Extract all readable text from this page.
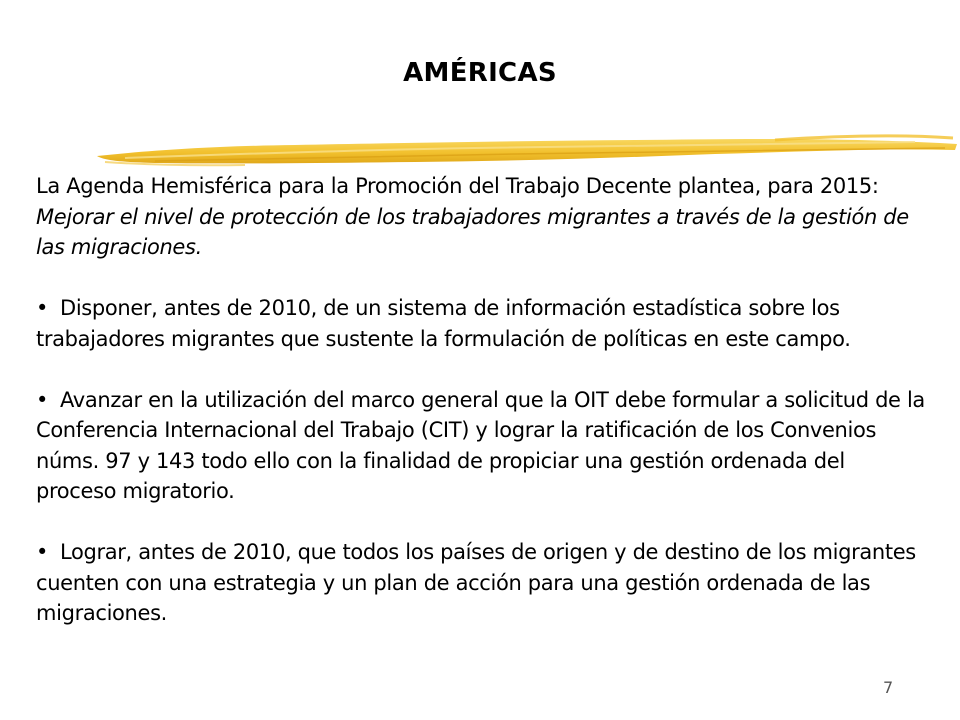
AMÉRICAS

La Agenda Hemisférica para la Promoción del Trabajo Decente plantea, para 2015: Mejorar el nivel de protección de los trabajadores migrantes a través de la gestión de las migraciones.

• Disponer, antes de 2010, de un sistema de información estadística sobre los trabajadores migrantes que sustente la formulación de políticas en este campo.

• Avanzar en la utilización del marco general que la OIT debe formular a solicitud de la Conferencia Internacional del Trabajo (CIT) y lograr la ratificación de los Convenios núms. 97 y 143 todo ello con la finalidad de propiciar una gestión ordenada del proceso migratorio.

• Lograr, antes de 2010, que todos los países de origen y de destino de los migrantes cuenten con una estrategia y un plan de acción para una gestión ordenada de las migraciones.

7
